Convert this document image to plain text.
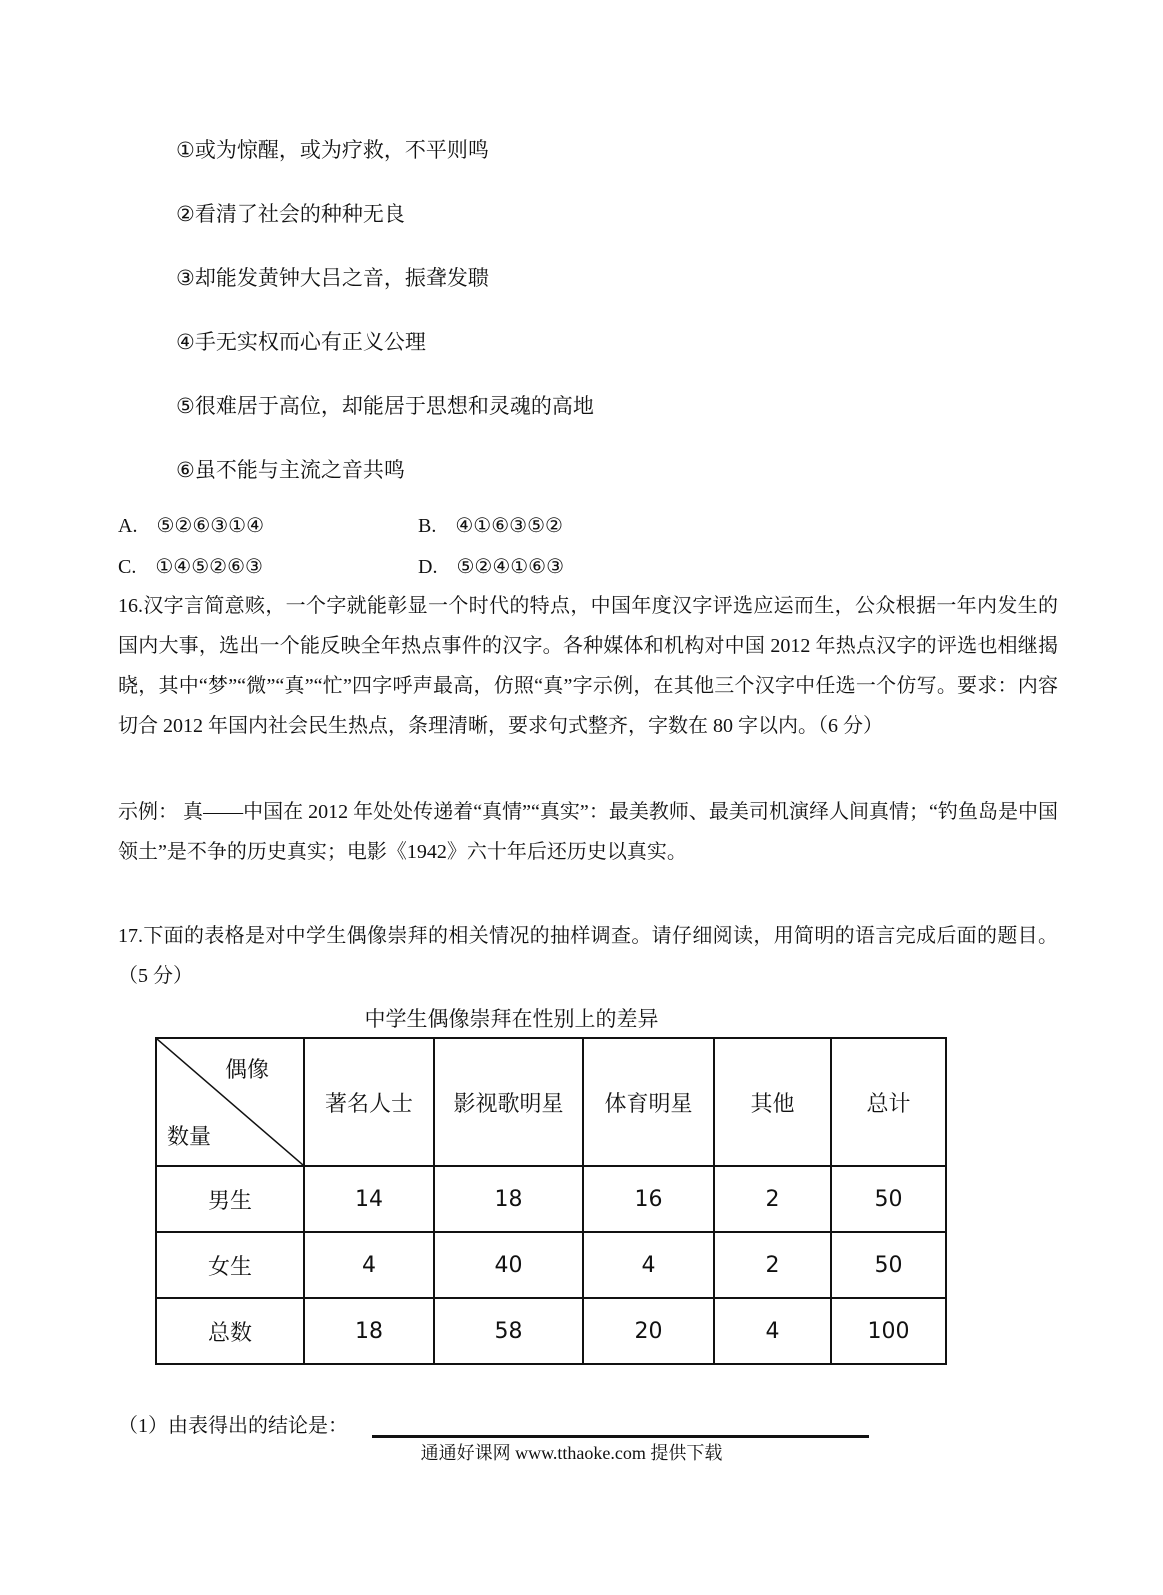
①或为惊醒，或为疗救，不平则鸣
②看清了社会的种种无良
③却能发黄钟大吕之音，振聋发聩
④手无实权而心有正义公理
⑤很难居于高位，却能居于思想和灵魂的高地
⑥虽不能与主流之音共鸣
A. ⑤②⑥③①④	B. ④①⑥③⑤②
C. ①④⑤②⑥③	D. ⑤②④①⑥③
16.汉字言简意赅，一个字就能彰显一个时代的特点，中国年度汉字评选应运而生，公众根据一年内发生的国内大事，选出一个能反映全年热点事件的汉字。各种媒体和机构对中国 2012 年热点汉字的评选也相继揭晓，其中“梦”“微”“真”“忙”四字呼声最高，仿照“真”字示例，在其他三个汉字中任选一个仿写。要求：内容切合 2012 年国内社会民生热点，条理清晰，要求句式整齐，字数在 80 字以内。（6 分）
示例： 真——中国在 2012 年处处传递着“真情”“真实”：最美教师、最美司机演绎人间真情；“钓鱼岛是中国领土”是不争的历史真实；电影《1942》六十年后还历史以真实。
17.下面的表格是对中学生偶像崇拜的相关情况的抽样调查。请仔细阅读，用简明的语言完成后面的题目。（5 分）
中学生偶像崇拜在性别上的差异
偶像
数量	著名人士	影视歌明星	体育明星	其他	总计
男生	14	18	16	2	50
女生	4	40	4	2	50
总数	18	58	20	4	100
（1）由表得出的结论是：
通通好课网 www.tthaoke.com 提供下载
